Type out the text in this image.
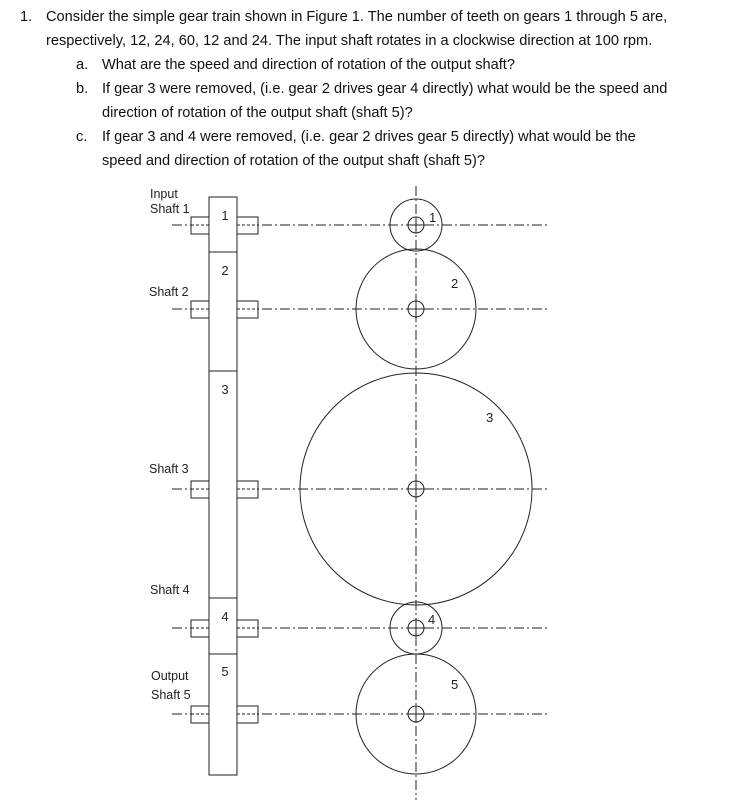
1. Consider the simple gear train shown in Figure 1. The number of teeth on gears 1 through 5 are,
respectively, 12, 24, 60, 12 and 24. The input shaft rotates in a clockwise direction at 100 rpm.
a. What are the speed and direction of rotation of the output shaft?
b. If gear 3 were removed, (i.e. gear 2 drives gear 4 directly) what would be the speed and
direction of rotation of the output shaft (shaft 5)?
c. If gear 3 and 4 were removed, (i.e. gear 2 drives gear 5 directly) what would be the
speed and direction of rotation of the output shaft (shaft 5)?
Input
Shaft 1
Shaft 2
Shaft 3
Shaft 4
Output
Shaft 5
1
2
3
4
5
1
2
3
4
5
